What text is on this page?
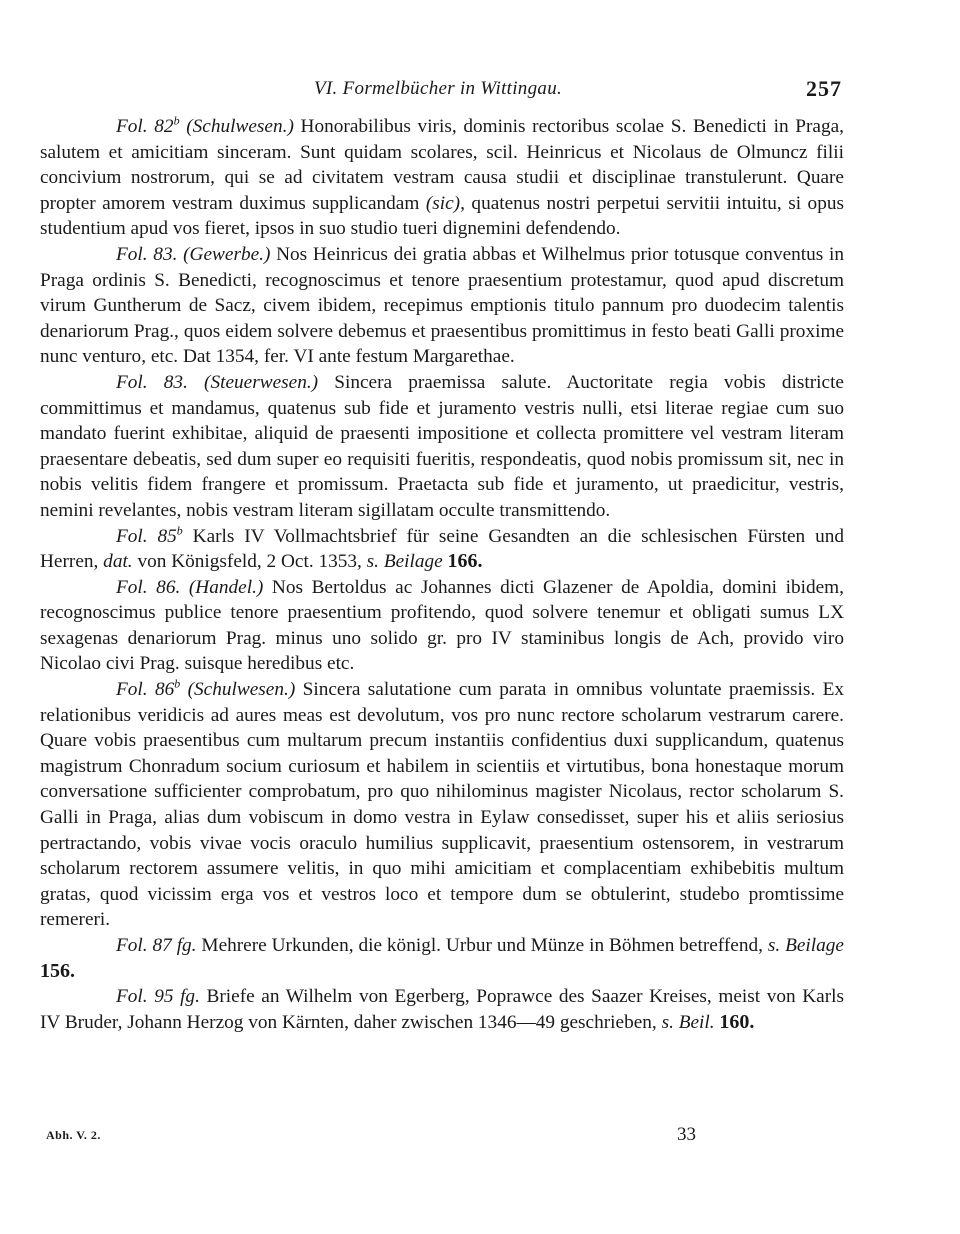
VI. Formelbücher in Wittingau.	257

Fol. 82$^b$ (Schulwesen.) Honorabilibus viris, dominis rectoribus scolae S. Benedicti in Praga, salutem et amicitiam sinceram. Sunt quidam scolares, scil. Heinricus et Nicolaus de Olmuncz filii concivium nostrorum, qui se ad civitatem vestram causa studii et disciplinae transtulerunt. Quare propter amorem vestram duximus supplicandam (sic), quatenus nostri perpetui servitii intuitu, si opus studentium apud vos fieret, ipsos in suo studio tueri dignemini defendendo.

Fol. 83. (Gewerbe.) Nos Heinricus dei gratia abbas et Wilhelmus prior totusque conventus in Praga ordinis S. Benedicti, recognoscimus et tenore praesentium protestamur, quod apud discretum virum Guntherum de Sacz, civem ibidem, recepimus emptionis titulo pannum pro duodecim talentis denariorum Prag., quos eidem solvere debemus et praesentibus promittimus in festo beati Galli proxime nunc venturo, etc. Dat 1354, fer. VI ante festum Margarethae.

Fol. 83. (Steuerwesen.) Sincera praemissa salute. Auctoritate regia vobis districte committimus et mandamus, quatenus sub fide et juramento vestris nulli, etsi literae regiae cum suo mandato fuerint exhibitae, aliquid de praesenti impositione et collecta promittere vel vestram literam praesentare debeatis, sed dum super eo requisiti fueritis, respondeatis, quod nobis promissum sit, nec in nobis velitis fidem frangere et promissum. Praetacta sub fide et juramento, ut praedicitur, vestris, nemini revelantes, nobis vestram literam sigillatam occulte transmittendo.

Fol. 85$^b$ Karls IV Vollmachtsbrief für seine Gesandten an die schlesischen Fürsten und Herren, dat. von Königsfeld, 2 Oct. 1353, s. Beilage 166.

Fol. 86. (Handel.) Nos Bertoldus ac Johannes dicti Glazener de Apoldia, domini ibidem, recognoscimus publice tenore praesentium profitendo, quod solvere tenemur et obligati sumus LX sexagenas denariorum Prag. minus uno solido gr. pro IV staminibus longis de Ach, provido viro Nicolao civi Prag. suisque heredibus etc.

Fol. 86$^b$ (Schulwesen.) Sincera salutatione cum parata in omnibus voluntate praemissis. Ex relationibus veridicis ad aures meas est devolutum, vos pro nunc rectore scholarum vestrarum carere. Quare vobis praesentibus cum multarum precum instantiis confidentius duxi supplicandum, quatenus magistrum Chonradum socium curiosum et habilem in scientiis et virtutibus, bona honestaque morum conversatione sufficienter comprobatum, pro quo nihilominus magister Nicolaus, rector scholarum S. Galli in Praga, alias dum vobiscum in domo vestra in Eylaw consedisset, super his et aliis seriosius pertractando, vobis vivae vocis oraculo humilius supplicavit, praesentium ostensorem, in vestrarum scholarum rectorem assumere velitis, in quo mihi amicitiam et complacentiam exhibebitis multum gratas, quod vicissim erga vos et vestros loco et tempore dum se obtulerint, studebo promtissime remereri.

Fol. 87 fg. Mehrere Urkunden, die königl. Urbur und Münze in Böhmen betreffend, s. Beilage 156.

Fol. 95 fg. Briefe an Wilhelm von Egerberg, Poprawce des Saazer Kreises, meist von Karls IV Bruder, Johann Herzog von Kärnten, daher zwischen 1346—49 geschrieben, s. Beil. 160.

Abh. V. 2.	33
